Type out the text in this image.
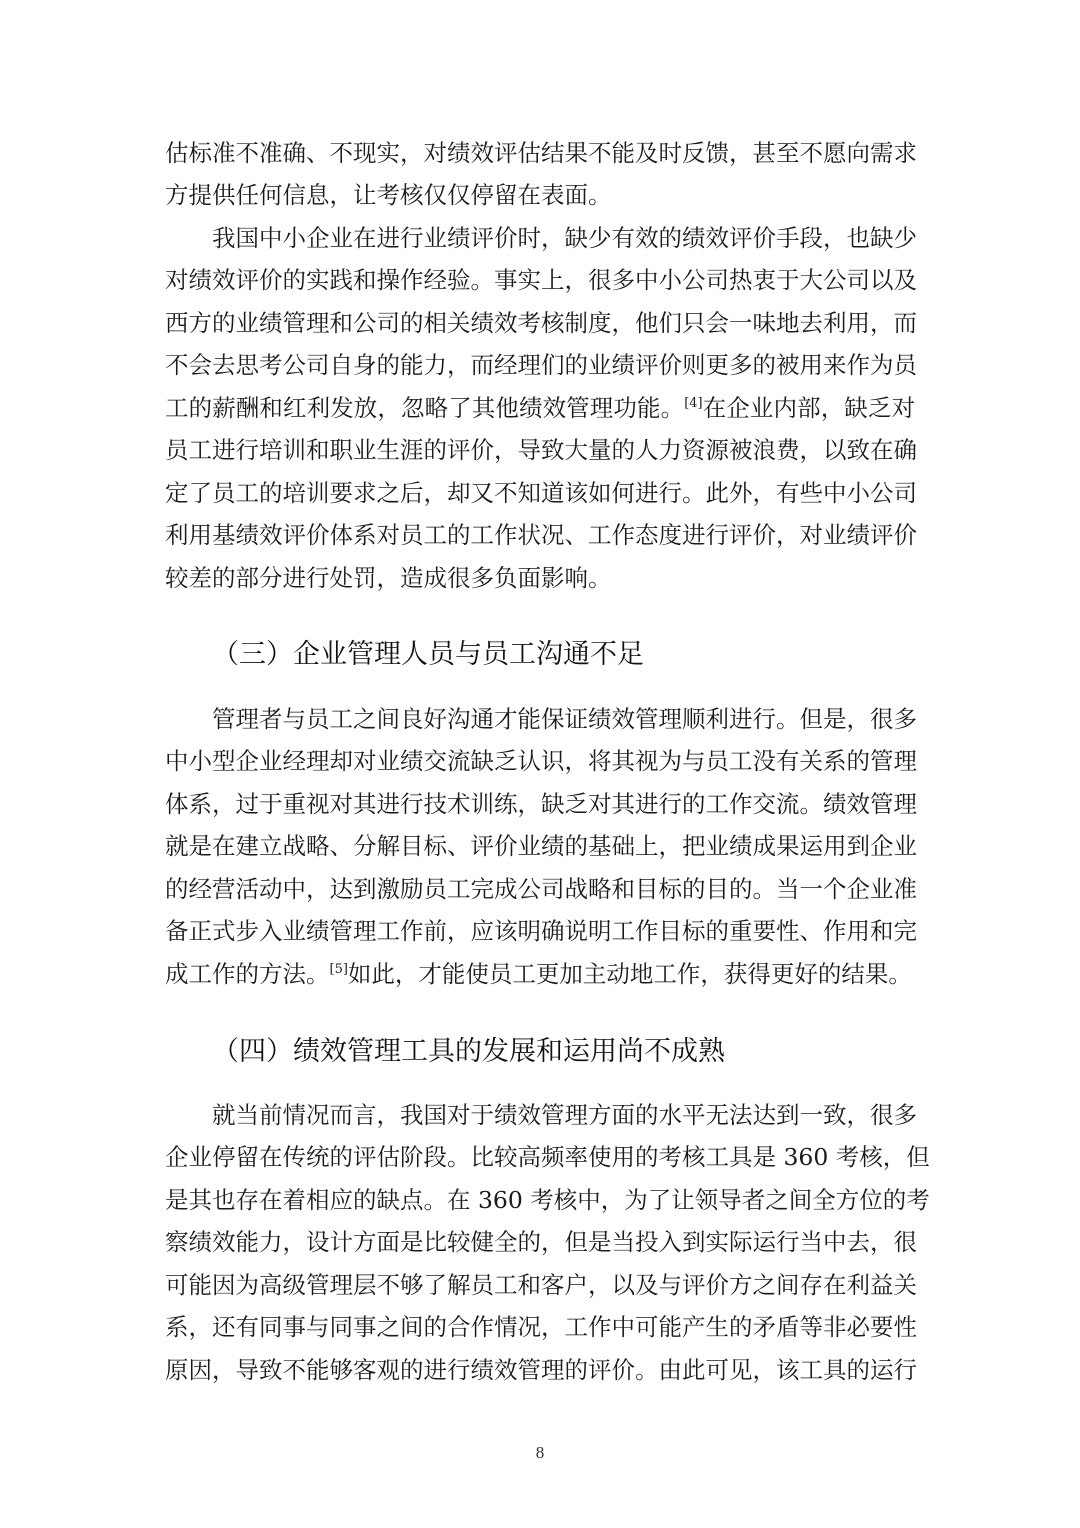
估标准不准确、不现实，对绩效评估结果不能及时反馈，甚至不愿向需求
方提供任何信息，让考核仅仅停留在表面。
我国中小企业在进行业绩评价时，缺少有效的绩效评价手段，也缺少
对绩效评价的实践和操作经验。事实上，很多中小公司热衷于大公司以及
西方的业绩管理和公司的相关绩效考核制度，他们只会一味地去利用，而
不会去思考公司自身的能力，而经理们的业绩评价则更多的被用来作为员
工的薪酬和红利发放，忽略了其他绩效管理功能。[4]在企业内部，缺乏对
员工进行培训和职业生涯的评价，导致大量的人力资源被浪费，以致在确
定了员工的培训要求之后，却又不知道该如何进行。此外，有些中小公司
利用基绩效评价体系对员工的工作状况、工作态度进行评价，对业绩评价
较差的部分进行处罚，造成很多负面影响。
（三）企业管理人员与员工沟通不足
管理者与员工之间良好沟通才能保证绩效管理顺利进行。但是，很多
中小型企业经理却对业绩交流缺乏认识，将其视为与员工没有关系的管理
体系，过于重视对其进行技术训练，缺乏对其进行的工作交流。绩效管理
就是在建立战略、分解目标、评价业绩的基础上，把业绩成果运用到企业
的经营活动中，达到激励员工完成公司战略和目标的目的。当一个企业准
备正式步入业绩管理工作前，应该明确说明工作目标的重要性、作用和完
成工作的方法。[5]如此，才能使员工更加主动地工作，获得更好的结果。
（四）绩效管理工具的发展和运用尚不成熟
就当前情况而言，我国对于绩效管理方面的水平无法达到一致，很多
企业停留在传统的评估阶段。比较高频率使用的考核工具是 360 考核，但
是其也存在着相应的缺点。在 360 考核中，为了让领导者之间全方位的考
察绩效能力，设计方面是比较健全的，但是当投入到实际运行当中去，很
可能因为高级管理层不够了解员工和客户，以及与评价方之间存在利益关
系，还有同事与同事之间的合作情况，工作中可能产生的矛盾等非必要性
原因，导致不能够客观的进行绩效管理的评价。由此可见，该工具的运行
8
